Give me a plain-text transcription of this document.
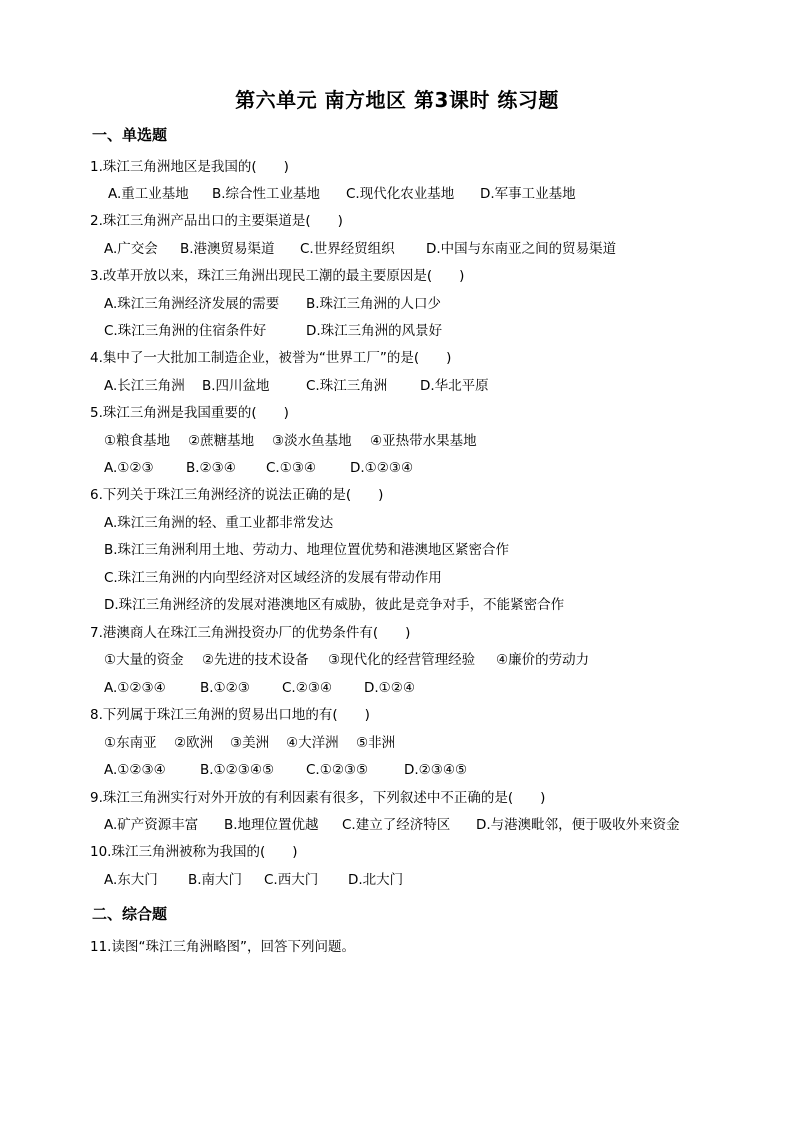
第六单元 南方地区 第3课时 练习题
一、单选题
1.珠江三角洲地区是我国的(　　)
A.重工业基地 B.综合性工业基地 C.现代化农业基地 D.军事工业基地
2.珠江三角洲产品出口的主要渠道是(　　)
A.广交会 B.港澳贸易渠道 C.世界经贸组织 D.中国与东南亚之间的贸易渠道
3.改革开放以来，珠江三角洲出现民工潮的最主要原因是(　　)
A.珠江三角洲经济发展的需要 B.珠江三角洲的人口少
C.珠江三角洲的住宿条件好	D.珠江三角洲的风景好
4.集中了一大批加工制造企业，被誉为“世界工厂”的是(　　)
A.长江三角洲 B.四川盆地	C.珠江三角洲 D.华北平原
5.珠江三角洲是我国重要的(　　)
①粮食基地 ②蔗糖基地 ③淡水鱼基地 ④亚热带水果基地
A.①②③ B.②③④ C.①③④	D.①②③④
6.下列关于珠江三角洲经济的说法正确的是(　　)
A.珠江三角洲的轻、重工业都非常发达
B.珠江三角洲利用土地、劳动力、地理位置优势和港澳地区紧密合作
C.珠江三角洲的内向型经济对区域经济的发展有带动作用
D.珠江三角洲经济的发展对港澳地区有威胁，彼此是竞争对手，不能紧密合作
7.港澳商人在珠江三角洲投资办厂的优势条件有(　　)
①大量的资金 ②先进的技术设备 ③现代化的经营管理经验 ④廉价的劳动力
A.①②③④	B.①②③ C.②③④ D.①②④
8.下列属于珠江三角洲的贸易出口地的有(　　)
①东南亚 ②欧洲 ③美洲 ④大洋洲 ⑤非洲
A.①②③④	B.①②③④⑤ C.①②③⑤	D.②③④⑤
9.珠江三角洲实行对外开放的有利因素有很多，下列叙述中不正确的是(　　)
A.矿产资源丰富 B.地理位置优越 C.建立了经济特区 D.与港澳毗邻，便于吸收外来资金
10.珠江三角洲被称为我国的(　　)
A.东大门 B.南大门 C.西大门 D.北大门
二、综合题
11.读图“珠江三角洲略图”，回答下列问题。
